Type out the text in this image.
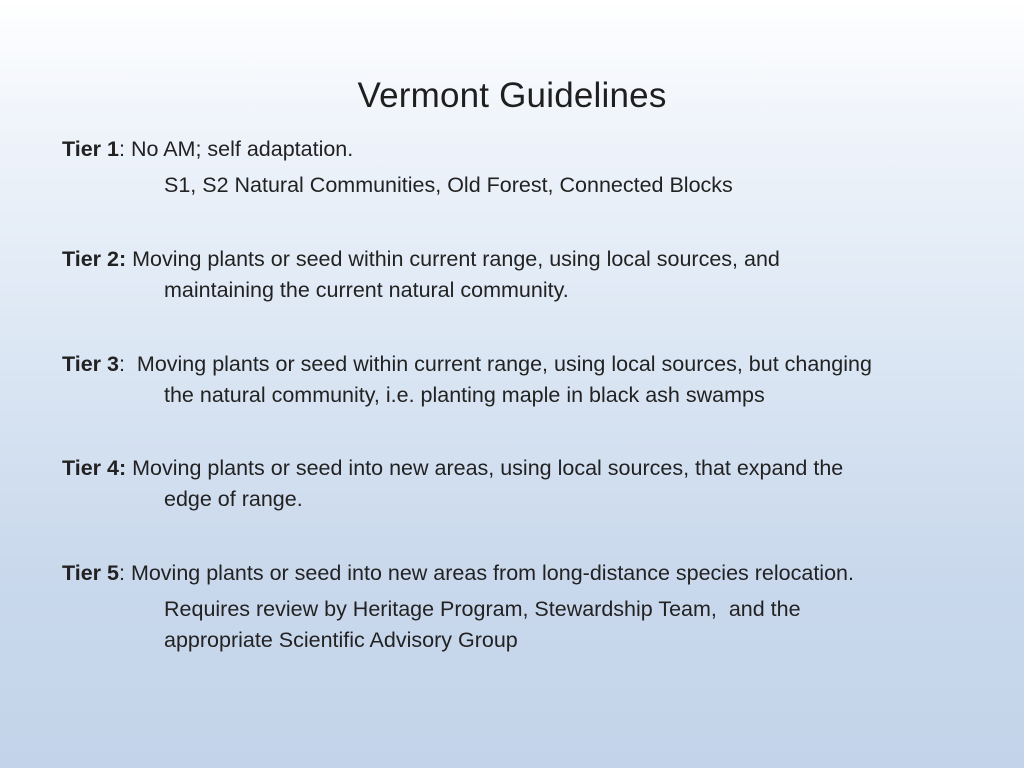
Vermont Guidelines
Tier 1: No AM; self adaptation.
S1, S2 Natural Communities, Old Forest, Connected Blocks
Tier 2: Moving plants or seed within current range, using local sources, and
maintaining the current natural community.
Tier 3:  Moving plants or seed within current range, using local sources, but changing
the natural community, i.e. planting maple in black ash swamps
Tier 4: Moving plants or seed into new areas, using local sources, that expand the
edge of range.
Tier 5: Moving plants or seed into new areas from long-distance species relocation.
Requires review by Heritage Program, Stewardship Team,  and the
appropriate Scientific Advisory Group
